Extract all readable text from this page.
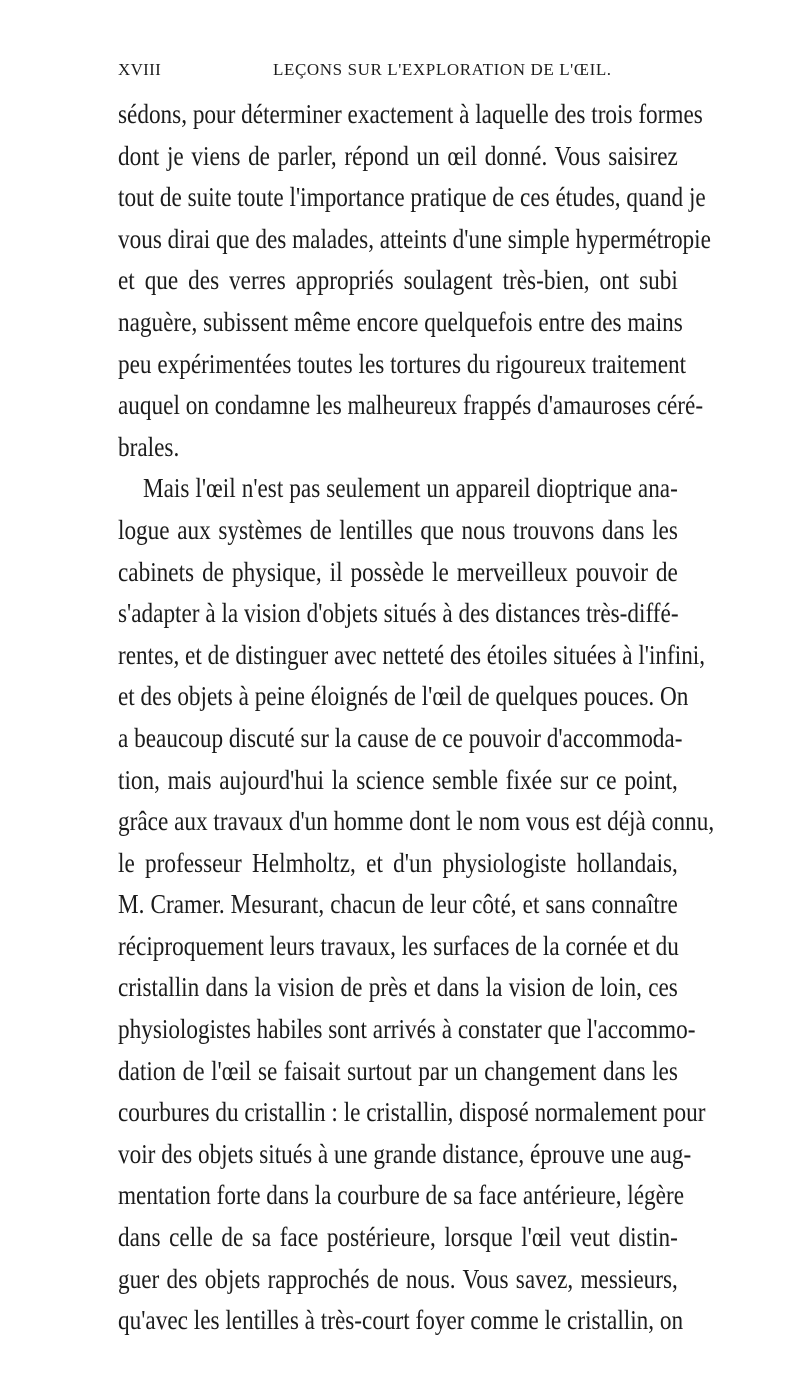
XVIII	LEÇONS SUR L'EXPLORATION DE L'ŒIL.
sédons, pour déterminer exactement à laquelle des trois formes
dont je viens de parler, répond un œil donné. Vous saisirez
tout de suite toute l'importance pratique de ces études, quand je
vous dirai que des malades, atteints d'une simple hypermétropie
et que des verres appropriés soulagent très-bien, ont subi
naguère, subissent même encore quelquefois entre des mains
peu expérimentées toutes les tortures du rigoureux traitement
auquel on condamne les malheureux frappés d'amauroses céré-
brales.
Mais l'œil n'est pas seulement un appareil dioptrique ana-
logue aux systèmes de lentilles que nous trouvons dans les
cabinets de physique, il possède le merveilleux pouvoir de
s'adapter à la vision d'objets situés à des distances très-diffé-
rentes, et de distinguer avec netteté des étoiles situées à l'infini,
et des objets à peine éloignés de l'œil de quelques pouces. On
a beaucoup discuté sur la cause de ce pouvoir d'accommoda-
tion, mais aujourd'hui la science semble fixée sur ce point,
grâce aux travaux d'un homme dont le nom vous est déjà connu,
le professeur Helmholtz, et d'un physiologiste hollandais,
M. Cramer. Mesurant, chacun de leur côté, et sans connaître
réciproquement leurs travaux, les surfaces de la cornée et du
cristallin dans la vision de près et dans la vision de loin, ces
physiologistes habiles sont arrivés à constater que l'accommo-
dation de l'œil se faisait surtout par un changement dans les
courbures du cristallin : le cristallin, disposé normalement pour
voir des objets situés à une grande distance, éprouve une aug-
mentation forte dans la courbure de sa face antérieure, légère
dans celle de sa face postérieure, lorsque l'œil veut distin-
guer des objets rapprochés de nous. Vous savez, messieurs,
qu'avec les lentilles à très-court foyer comme le cristallin, on
